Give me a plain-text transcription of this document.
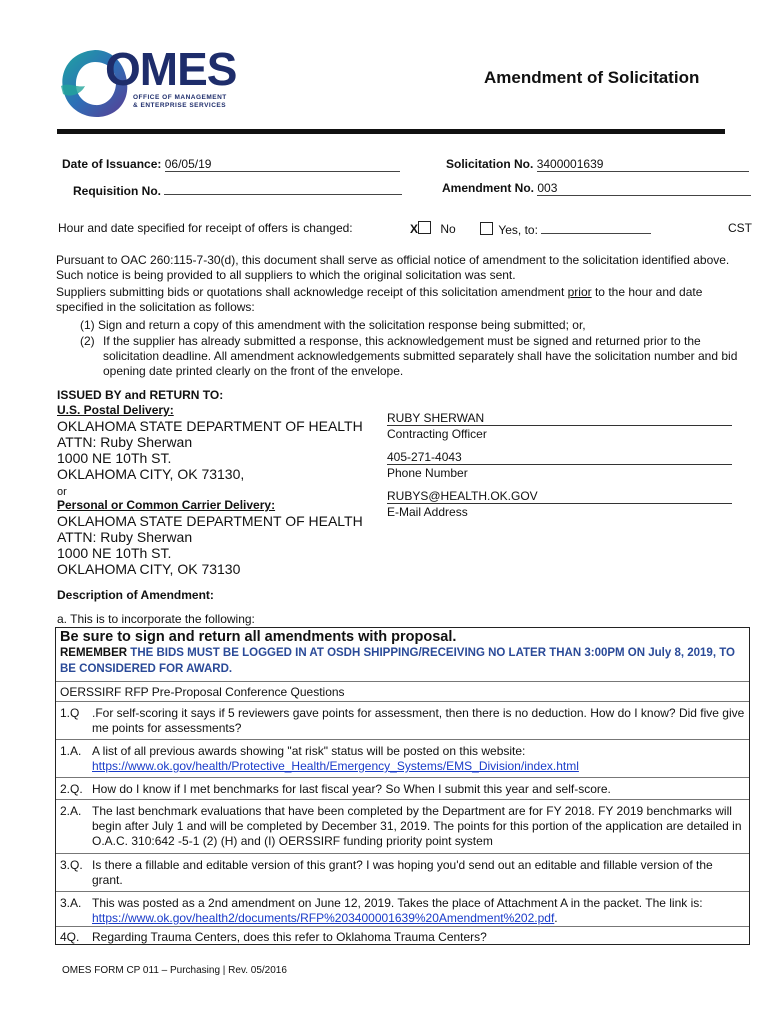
OMES
OFFICE OF MANAGEMENT
& ENTERPRISE SERVICES
Amendment of Solicitation
Date of Issuance: 06/05/19	Solicitation No. 3400001639
Requisition No.	Amendment No. 003
Hour and date specified for receipt of offers is changed:	X No	Yes, to:	CST
Pursuant to OAC 260:115-7-30(d), this document shall serve as official notice of amendment to the solicitation identified above. Such notice is being provided to all suppliers to which the original solicitation was sent.
Suppliers submitting bids or quotations shall acknowledge receipt of this solicitation amendment prior to the hour and date specified in the solicitation as follows:
(1) Sign and return a copy of this amendment with the solicitation response being submitted; or,
(2) If the supplier has already submitted a response, this acknowledgement must be signed and returned prior to the solicitation deadline. All amendment acknowledgements submitted separately shall have the solicitation number and bid opening date printed clearly on the front of the envelope.
ISSUED BY and RETURN TO:
U.S. Postal Delivery:
OKLAHOMA STATE DEPARTMENT OF HEALTH
ATTN: Ruby Sherwan
1000 NE 10Th ST.
OKLAHOMA CITY, OK 73130,
or
Personal or Common Carrier Delivery:
OKLAHOMA STATE DEPARTMENT OF HEALTH
ATTN: Ruby Sherwan
1000 NE 10Th ST.
OKLAHOMA CITY, OK 73130
RUBY SHERWAN
Contracting Officer
405-271-4043
Phone Number
RUBYS@HEALTH.OK.GOV
E-Mail Address
Description of Amendment:
a. This is to incorporate the following:
Be sure to sign and return all amendments with proposal.
REMEMBER THE BIDS MUST BE LOGGED IN AT OSDH SHIPPING/RECEIVING NO LATER THAN 3:00PM ON July 8, 2019, TO BE CONSIDERED FOR AWARD.
OERSSIRF RFP Pre-Proposal Conference Questions
1.Q	.For self-scoring it says if 5 reviewers gave points for assessment, then there is no deduction. How do I know? Did five give me points for assessments?
1.A. A list of all previous awards showing "at risk" status will be posted on this website:
https://www.ok.gov/health/Protective_Health/Emergency_Systems/EMS_Division/index.html
2.Q. How do I know if I met benchmarks for last fiscal year? So When I submit this year and self-score.
2.A. The last benchmark evaluations that have been completed by the Department are for FY 2018. FY 2019 benchmarks will begin after July 1 and will be completed by December 31, 2019. The points for this portion of the application are detailed in O.A.C. 310:642 -5-1 (2) (H) and (I) OERSSIRF funding priority point system
3.Q. Is there a fillable and editable version of this grant? I was hoping you'd send out an editable and fillable version of the grant.
3.A. This was posted as a 2nd amendment on June 12, 2019. Takes the place of Attachment A in the packet. The link is:
https://www.ok.gov/health2/documents/RFP%203400001639%20Amendment%202.pdf.
4Q.	Regarding Trauma Centers, does this refer to Oklahoma Trauma Centers?
OMES FORM CP 011 – Purchasing | Rev. 05/2016
